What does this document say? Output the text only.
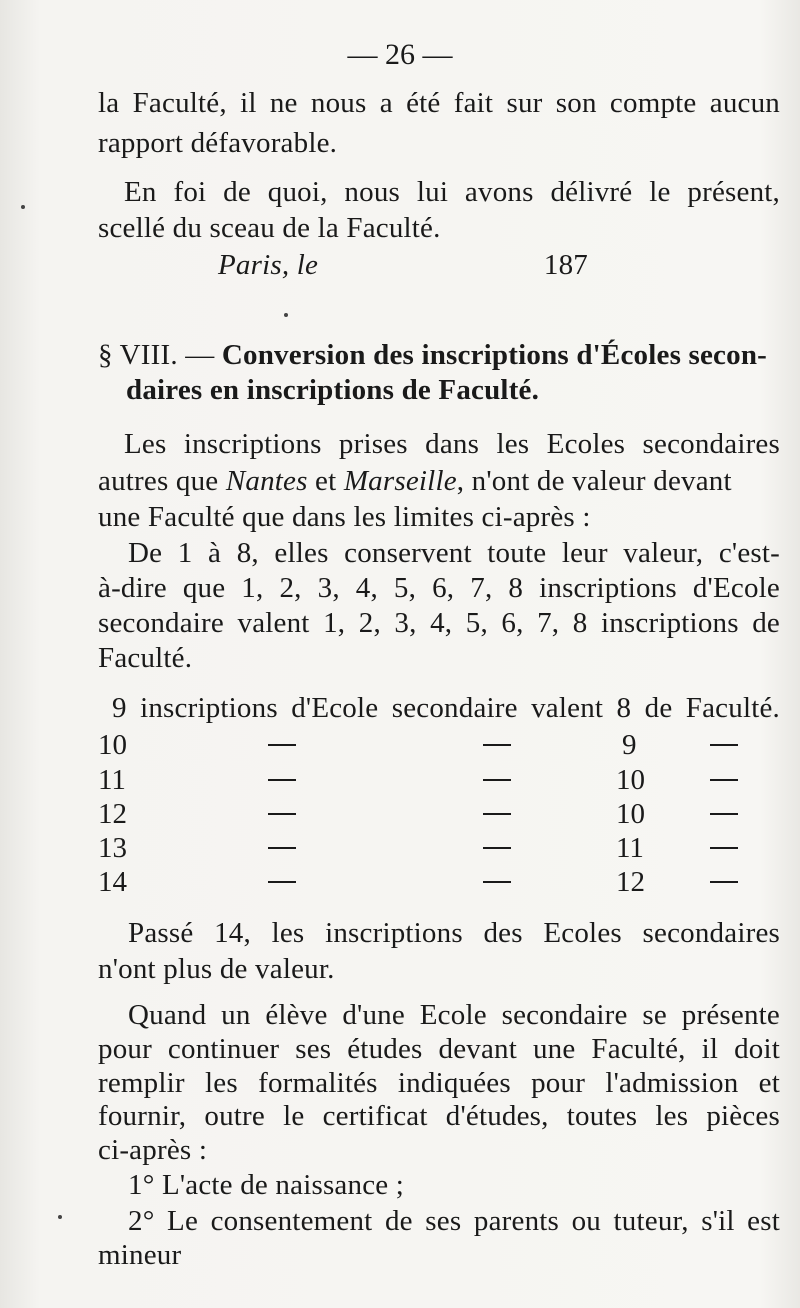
— 26 —
la Faculté, il ne nous a été fait sur son compte aucun
rapport défavorable.
En foi de quoi, nous lui avons délivré le présent,
scellé du sceau de la Faculté.
Paris, le	187
§ VIII. — Conversion des inscriptions d'Écoles secon-
daires en inscriptions de Faculté.
Les inscriptions prises dans les Ecoles secondaires
autres que Nantes et Marseille, n'ont de valeur devant
une Faculté que dans les limites ci-après :
De 1 à 8, elles conservent toute leur valeur, c'est-
à-dire que 1, 2, 3, 4, 5, 6, 7, 8 inscriptions d'Ecole
secondaire valent 1, 2, 3, 4, 5, 6, 7, 8 inscriptions de
Faculté.
9 inscriptions d'Ecole secondaire valent 8 de Faculté.
10	9
11	10
12	10
13	11
14	12
Passé 14, les inscriptions des Ecoles secondaires
n'ont plus de valeur.
Quand un élève d'une Ecole secondaire se présente
pour continuer ses études devant une Faculté, il doit
remplir les formalités indiquées pour l'admission et
fournir, outre le certificat d'études, toutes les pièces
ci-après :
1° L'acte de naissance ;
2° Le consentement de ses parents ou tuteur, s'il est
mineur
